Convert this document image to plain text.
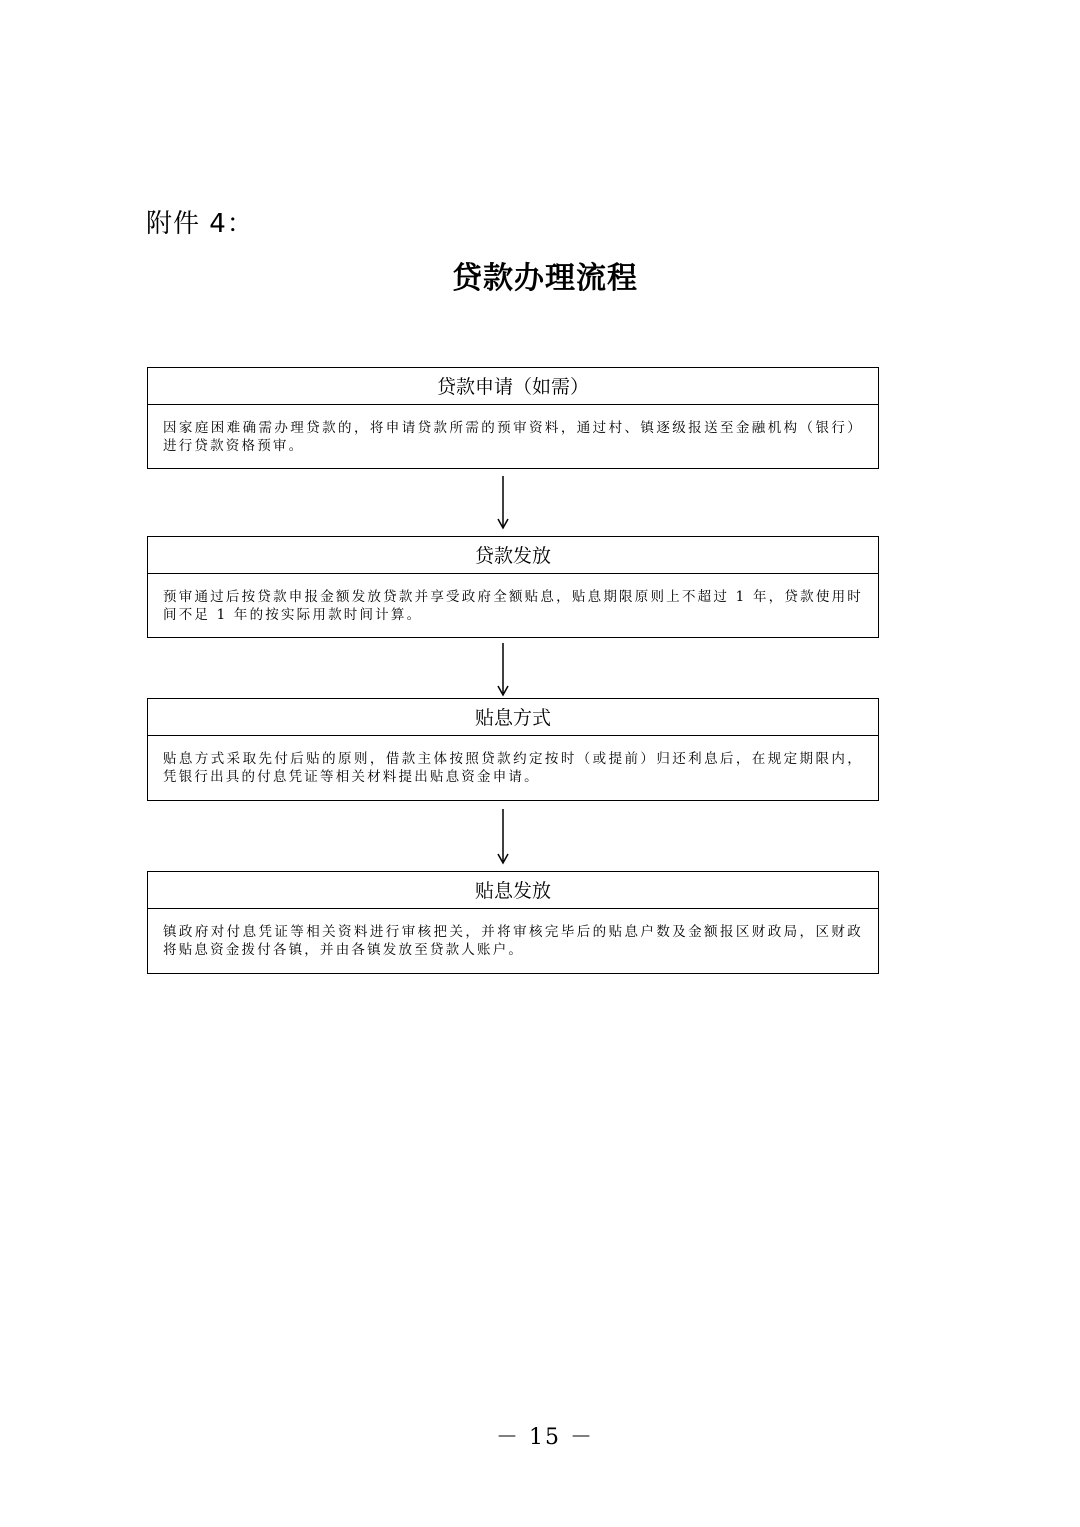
附件 4：
贷款办理流程
贷款申请（如需）
因家庭困难确需办理贷款的，将申请贷款所需的预审资料，通过村、镇逐级报送至金融机构（银行）进行贷款资格预审。
贷款发放
预审通过后按贷款申报金额发放贷款并享受政府全额贴息，贴息期限原则上不超过 1 年，贷款使用时间不足 1 年的按实际用款时间计算。
贴息方式
贴息方式采取先付后贴的原则，借款主体按照贷款约定按时（或提前）归还利息后，在规定期限内，凭银行出具的付息凭证等相关材料提出贴息资金申请。
贴息发放
镇政府对付息凭证等相关资料进行审核把关，并将审核完毕后的贴息户数及金额报区财政局，区财政将贴息资金拨付各镇，并由各镇发放至贷款人账户。
－ 15 －
